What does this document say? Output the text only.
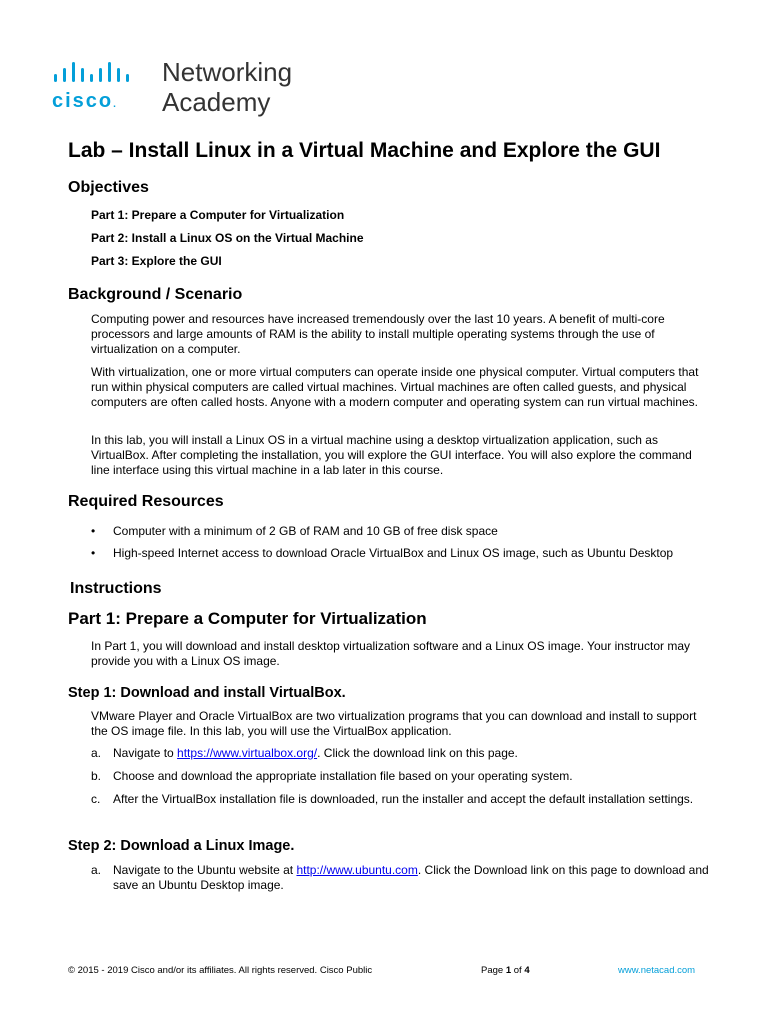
cisco.
Networking
Academy
Lab – Install Linux in a Virtual Machine and Explore the GUI
Objectives
Part 1: Prepare a Computer for Virtualization
Part 2: Install a Linux OS on the Virtual Machine
Part 3: Explore the GUI
Background / Scenario

Computing power and resources have increased tremendously over the last 10 years. A benefit of multi-core processors and large amounts of RAM is the ability to install multiple operating systems through the use of virtualization on a computer.

With virtualization, one or more virtual computers can operate inside one physical computer. Virtual computers that run within physical computers are called virtual machines. Virtual machines are often called guests, and physical computers are often called hosts. Anyone with a modern computer and operating system can run virtual machines.

In this lab, you will install a Linux OS in a virtual machine using a desktop virtualization application, such as VirtualBox. After completing the installation, you will explore the GUI interface. You will also explore the command line interface using this virtual machine in a lab later in this course.

Required Resources
•	Computer with a minimum of 2 GB of RAM and 10 GB of free disk space
•	High-speed Internet access to download Oracle VirtualBox and Linux OS image, such as Ubuntu Desktop
Instructions
Part 1: Prepare a Computer for Virtualization

In Part 1, you will download and install desktop virtualization software and a Linux OS image. Your instructor may provide you with a Linux OS image.

Step 1: Download and install VirtualBox.

VMware Player and Oracle VirtualBox are two virtualization programs that you can download and install to support the OS image file. In this lab, you will use the VirtualBox application.

a. Navigate to https://www.virtualbox.org/. Click the download link on this page.
b. Choose and download the appropriate installation file based on your operating system.
c.	After the VirtualBox installation file is downloaded, run the installer and accept the default installation settings.
Step 2: Download a Linux Image.
a. Navigate to the Ubuntu website at http://www.ubuntu.com. Click the Download link on this page to download and save an Ubuntu Desktop image.
© 2015 - 2019 Cisco and/or its affiliates. All rights reserved. Cisco Public	Page 1 of 4	www.netacad.com
